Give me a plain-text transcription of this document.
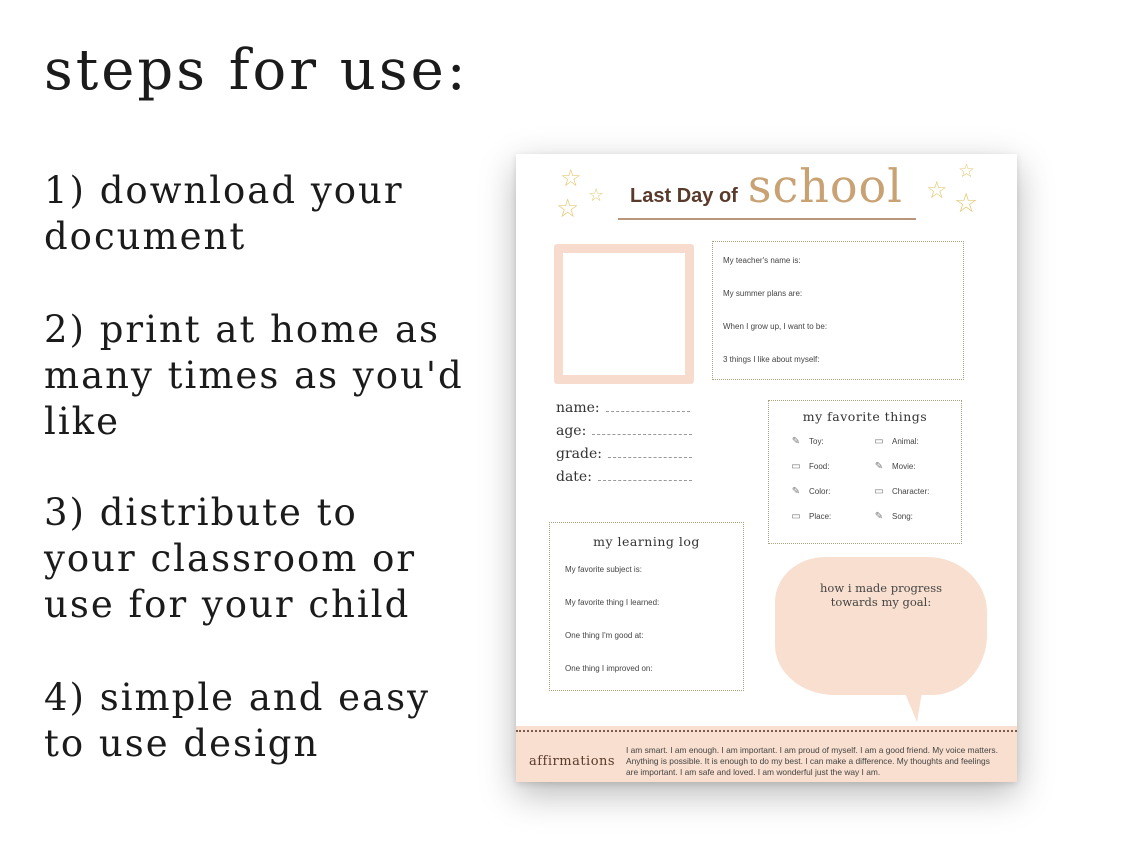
steps for use:
1) download your document
2) print at home as many times as you'd like
3) distribute to your classroom or use for your child
4) simple and easy to use design
☆
☆ ☆	☆
☆
☆
Last Day of school
My teacher's name is:
My summer plans are:
When I grow up, I want to be:
3 things I like about myself:
name:
age:
grade:
date:
my favorite things
✎	Toy:	▭ Animal:
▭ Food:	✎	Movie:
✎	Color:	▭ Character:
▭ Place:	✎	Song:
my learning log
My favorite subject is:
My favorite thing I learned:
One thing I'm good at:
One thing I improved on:
how i made progress
towards my goal:
affirmations
I am smart. I am enough. I am important. I am proud of myself. I am a good friend. My voice matters. Anything is possible. It is enough to do my best. I can make a difference. My thoughts and feelings are important. I am safe and loved. I am wonderful just the way I am.
